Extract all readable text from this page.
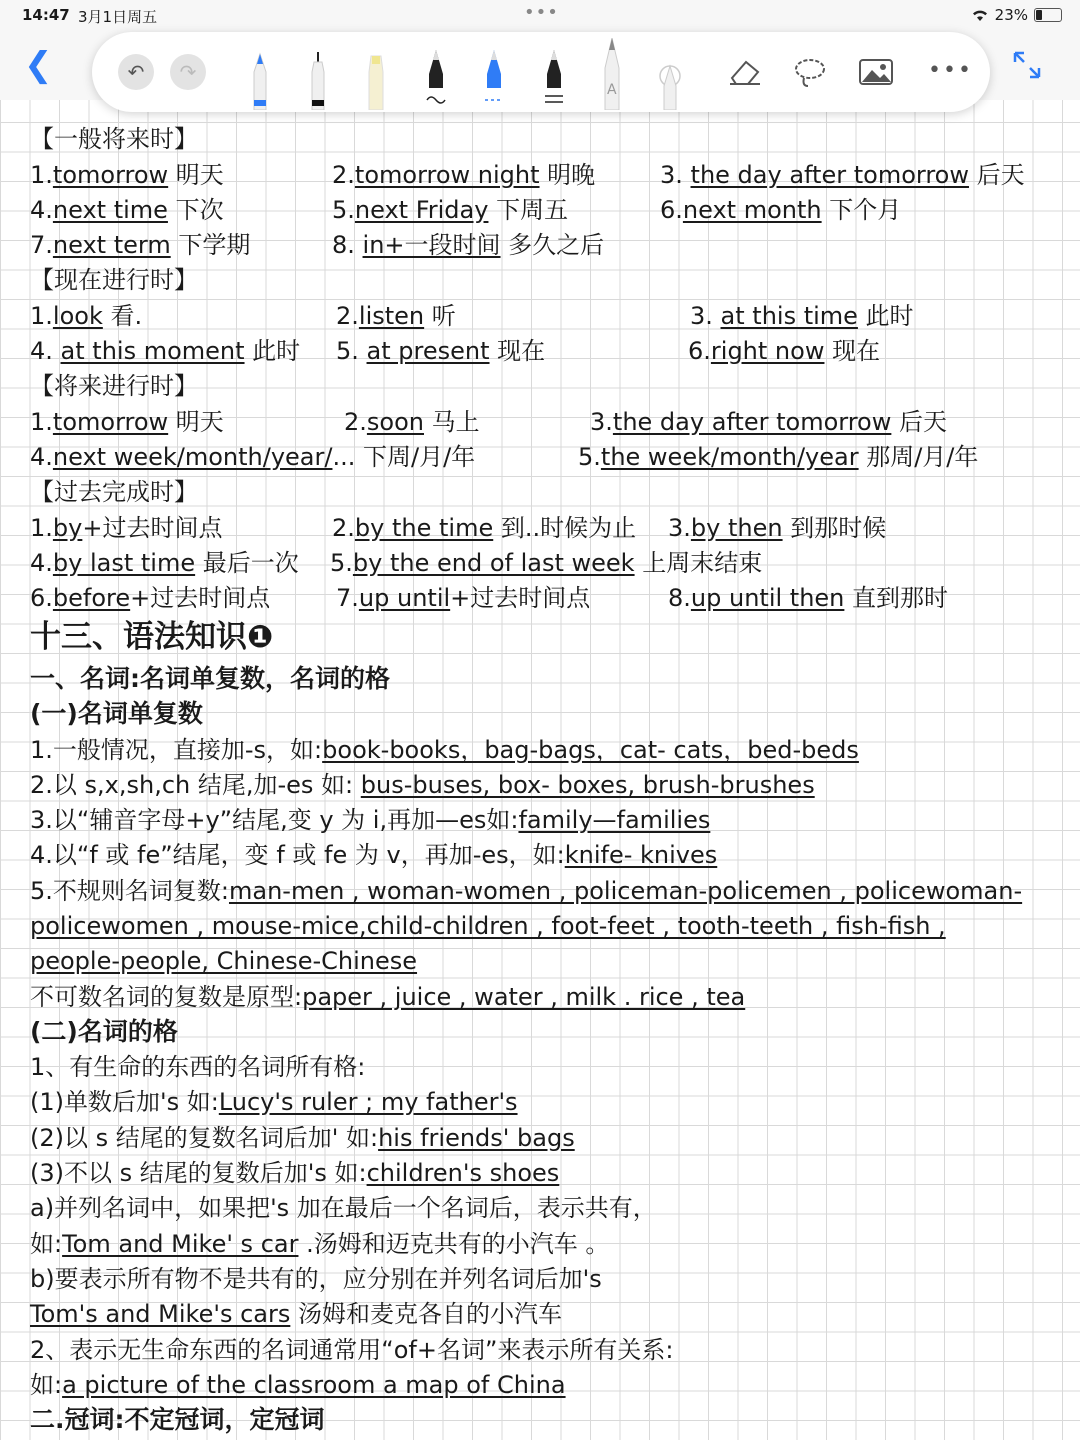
14:47 3月1日周五	•••	23%
❮	↶	↷
A
•••
【一般将来时】
1.tomorrow 明天	2.tomorrow night 明晚	3. the day after tomorrow 后天
4.next time 下次	5.next Friday 下周五	6.next month 下个月
7.next term 下学期	8. in+一段时间 多久之后
【现在进行时】
1.look 看.	2.listen 听	3. at this time 此时
4. at this moment 此时 5. at present 现在	6.right now 现在
【将来进行时】
1.tomorrow 明天	2.soon 马上	3.the day after tomorrow 后天
4.next week/month/year/... 下周/月/年	5.the week/month/year 那周/月/年
【过去完成时】
1.by+过去时间点	2.by the time 到..时候为止 3.by then 到那时候
4.by last time 最后一次 5.by the end of last week 上周末结束
6.before+过去时间点	7.up until+过去时间点	8.up until then 直到那时
十三、语法知识❶
一、名词:名词单复数，名词的格
(一)名词单复数
1.一般情况，直接加-s，如:book-books，bag-bags，cat- cats，bed-beds
2.以 s,x,sh,ch 结尾,加-es 如: bus-buses, box- boxes, brush-brushes
3.以“辅音字母+y”结尾,变 y 为 i,再加—es如:family—families
4.以“f 或 fe”结尾，变 f 或 fe 为 v，再加-es，如:knife- knives
5.不规则名词复数:man-men , woman-women , policeman-policemen , policewoman-
policewomen , mouse-mice,child-children , foot-feet , tooth-teeth , fish-fish ,
people-people, Chinese-Chinese
不可数名词的复数是原型:paper , juice , water , milk . rice , tea
(二)名词的格
1、有生命的东西的名词所有格:
(1)单数后加's 如:Lucy's ruler ; my father's
(2)以 s 结尾的复数名词后加' 如:his friends' bags
(3)不以 s 结尾的复数后加's 如:children's shoes
a)并列名词中，如果把's 加在最后一个名词后，表示共有，
如:Tom and Mike' s car .汤姆和迈克共有的小汽车 。
b)要表示所有物不是共有的，应分别在并列名词后加's
Tom's and Mike's cars 汤姆和麦克各自的小汽车
2、表示无生命东西的名词通常用“of+名词”来表示所有关系:
如:a picture of the classroom a map of China
二.冠词:不定冠词，定冠词
